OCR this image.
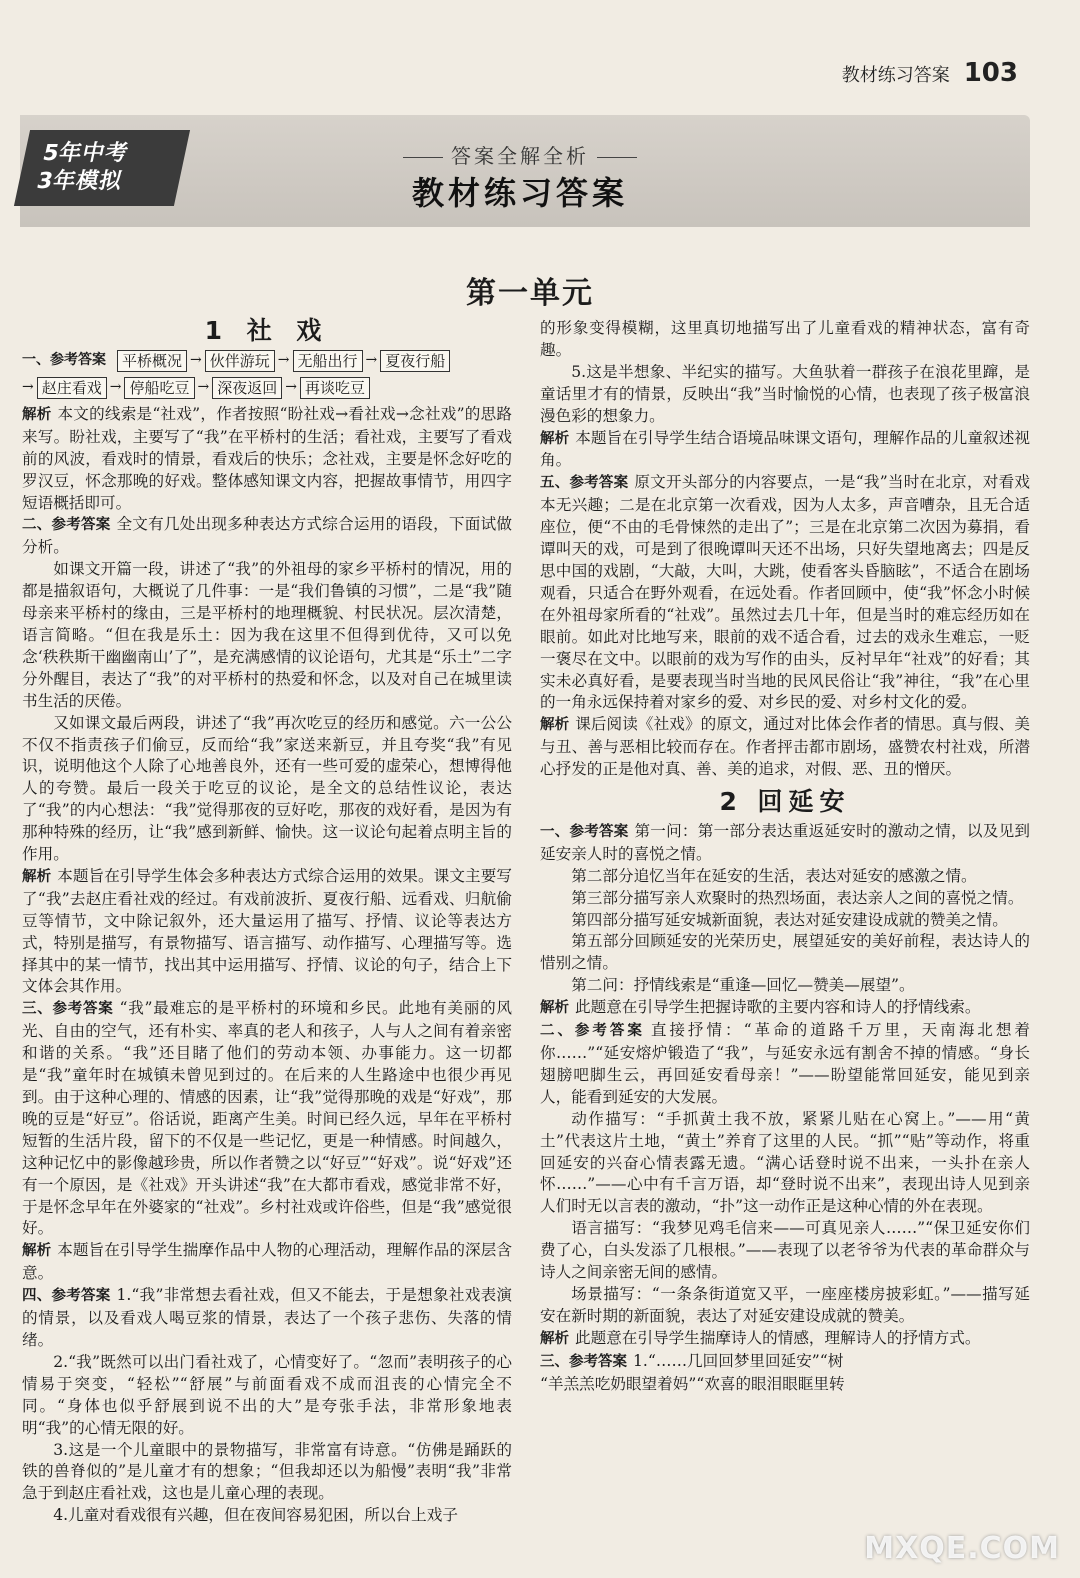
教材练习答案 103
5年中考
3年模拟
答案全解全析
教材练习答案
第一单元
1 社 戏
一、参考答案	平桥概况 → 伙伴游玩 → 无船出行 → 夏夜行船
→ 赵庄看戏 → 停船吃豆 → 深夜返回 → 再谈吃豆

解析 本文的线索是“社戏”，作者按照“盼社戏→看社戏→念社戏”的思路来写。盼社戏，主要写了“我”在平桥村的生活；看社戏，主要写了看戏前的风波，看戏时的情景，看戏后的快乐；念社戏，主要是怀念好吃的罗汉豆，怀念那晚的好戏。整体感知课文内容，把握故事情节，用四字短语概括即可。

二、参考答案 全文有几处出现多种表达方式综合运用的语段，下面试做分析。

如课文开篇一段，讲述了“我”的外祖母的家乡平桥村的情况，用的都是描叙语句，大概说了几件事：一是“我们鲁镇的习惯”，二是“我”随母亲来平桥村的缘由，三是平桥村的地理概貌、村民状况。层次清楚，语言简略。“但在我是乐土：因为我在这里不但得到优待，又可以免念‘秩秩斯干幽幽南山’了”，是充满感情的议论语句，尤其是“乐土”二字分外醒目，表达了“我”的对平桥村的热爱和怀念，以及对自己在城里读书生活的厌倦。

又如课文最后两段，讲述了“我”再次吃豆的经历和感觉。六一公公不仅不指责孩子们偷豆，反而给“我”家送来新豆，并且夸奖“我”有见识，说明他这个人除了心地善良外，还有一些可爱的虚荣心，想博得他人的夸赞。最后一段关于吃豆的议论，是全文的总结性议论，表达了“我”的内心想法：“我”觉得那夜的豆好吃，那夜的戏好看，是因为有那种特殊的经历，让“我”感到新鲜、愉快。这一议论句起着点明主旨的作用。

解析 本题旨在引导学生体会多种表达方式综合运用的效果。课文主要写了“我”去赵庄看社戏的经过。有戏前波折、夏夜行船、远看戏、归航偷豆等情节，文中除记叙外，还大量运用了描写、抒情、议论等表达方式，特别是描写，有景物描写、语言描写、动作描写、心理描写等。选择其中的某一情节，找出其中运用描写、抒情、议论的句子，结合上下文体会其作用。

三、参考答案 “我”最难忘的是平桥村的环境和乡民。此地有美丽的风光、自由的空气，还有朴实、率真的老人和孩子，人与人之间有着亲密和谐的关系。“我”还目睹了他们的劳动本领、办事能力。这一切都是“我”童年时在城镇未曾见到过的。在后来的人生路途中也很少再见到。由于这种心理的、情感的因素，让“我”觉得那晚的戏是“好戏”，那晚的豆是“好豆”。俗话说，距离产生美。时间已经久远，早年在平桥村短暂的生活片段，留下的不仅是一些记忆，更是一种情感。时间越久，这种记忆中的影像越珍贵，所以作者赞之以“好豆”“好戏”。说“好戏”还有一个原因，是《社戏》开头讲述“我”在大都市看戏，感觉非常不好，于是怀念早年在外婆家的“社戏”。乡村社戏或许俗些，但是“我”感觉很好。

解析 本题旨在引导学生揣摩作品中人物的心理活动，理解作品的深层含意。

四、参考答案 1.“我”非常想去看社戏，但又不能去，于是想象社戏表演的情景，以及看戏人喝豆浆的情景，表达了一个孩子悲伤、失落的情绪。

2.“我”既然可以出门看社戏了，心情变好了。“忽而”表明孩子的心情易于突变，“轻松”“舒展”与前面看戏不成而沮丧的心情完全不同。“身体也似乎舒展到说不出的大”是夸张手法，非常形象地表明“我”的心情无限的好。

3.这是一个儿童眼中的景物描写，非常富有诗意。“仿佛是踊跃的铁的兽脊似的”是儿童才有的想象；“但我却还以为船慢”表明“我”非常急于到赵庄看社戏，这也是儿童心理的表现。

4.儿童对看戏很有兴趣，但在夜间容易犯困，所以台上戏子

的形象变得模糊，这里真切地描写出了儿童看戏的精神状态，富有奇趣。

5.这是半想象、半纪实的描写。大鱼驮着一群孩子在浪花里蹿，是童话里才有的情景，反映出“我”当时愉悦的心情，也表现了孩子极富浪漫色彩的想象力。

解析 本题旨在引导学生结合语境品味课文语句，理解作品的儿童叙述视角。

五、参考答案 原文开头部分的内容要点，一是“我”当时在北京，对看戏本无兴趣；二是在北京第一次看戏，因为人太多，声音嘈杂，且无合适座位，便“不由的毛骨悚然的走出了”；三是在北京第二次因为募捐，看谭叫天的戏，可是到了很晚谭叫天还不出场，只好失望地离去；四是反思中国的戏剧，“大敲，大叫，大跳，使看客头昏脑眩”，不适合在剧场观看，只适合在野外观看，在远处看。作者回顾中，使“我”怀念小时候在外祖母家所看的“社戏”。虽然过去几十年，但是当时的难忘经历如在眼前。如此对比地写来，眼前的戏不适合看，过去的戏永生难忘，一贬一褒尽在文中。以眼前的戏为写作的由头，反衬早年“社戏”的好看；其实未必真好看，是要表现当时当地的民风民俗让“我”神往，“我”在心里的一角永远保持着对家乡的爱、对乡民的爱、对乡村文化的爱。

解析 课后阅读《社戏》的原文，通过对比体会作者的情思。真与假、美与丑、善与恶相比较而存在。作者抨击都市剧场，盛赞农村社戏，所潜心抒发的正是他对真、善、美的追求，对假、恶、丑的憎厌。

2 回延安

一、参考答案 第一问：第一部分表达重返延安时的激动之情，以及见到延安亲人时的喜悦之情。

第二部分追忆当年在延安的生活，表达对延安的感激之情。

第三部分描写亲人欢聚时的热烈场面，表达亲人之间的喜悦之情。

第四部分描写延安城新面貌，表达对延安建设成就的赞美之情。

第五部分回顾延安的光荣历史，展望延安的美好前程，表达诗人的惜别之情。

第二问：抒情线索是“重逢—回忆—赞美—展望”。

解析 此题意在引导学生把握诗歌的主要内容和诗人的抒情线索。

二、参考答案 直接抒情：“革命的道路千万里，天南海北想着你……”“延安熔炉锻造了“我”，与延安永远有割舍不掉的情感。“身长翅膀吧脚生云，再回延安看母亲！”——盼望能常回延安，能见到亲人，能看到延安的大发展。

动作描写：“手抓黄土我不放，紧紧儿贴在心窝上。”——用“黄土”代表这片土地，“黄土”养育了这里的人民。“抓”“贴”等动作，将重回延安的兴奋心情表露无遗。“满心话登时说不出来，一头扑在亲人怀……”——心中有千言万语，却“登时说不出来”，表现出诗人见到亲人们时无以言表的激动，“扑”这一动作正是这种心情的外在表现。

语言描写：“我梦见鸡毛信来——可真见亲人……”“保卫延安你们费了心，白头发添了几根根。”——表现了以老爷爷为代表的革命群众与诗人之间亲密无间的感情。

场景描写：“一条条街道宽又平，一座座楼房披彩虹。”——描写延安在新时期的新面貌，表达了对延安建设成就的赞美。

解析 此题意在引导学生揣摩诗人的情感，理解诗人的抒情方式。

三、参考答案 1.“……几回回梦里回延安”“树

“羊羔羔吃奶眼望着妈”“欢喜的眼泪眼眶里转

MXQE.COM
